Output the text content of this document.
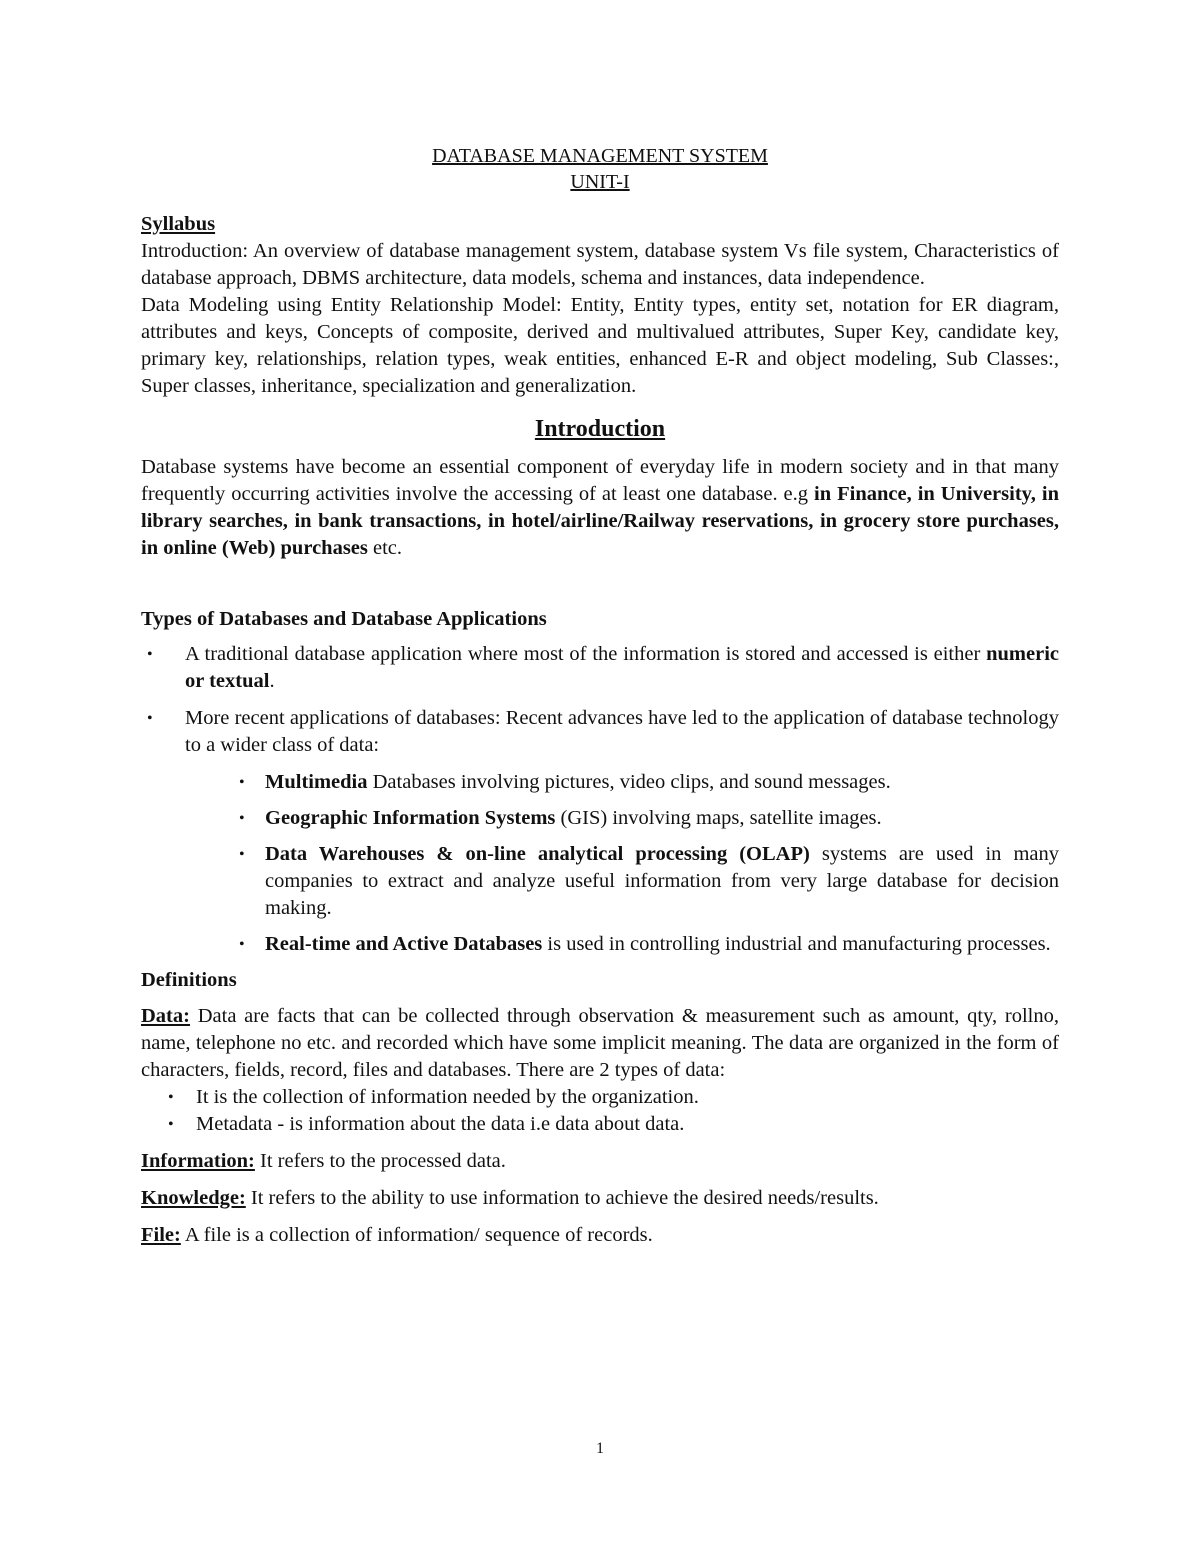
DATABASE MANAGEMENT SYSTEM
UNIT-I
Syllabus

Introduction: An overview of database management system, database system Vs file system, Characteristics of database approach, DBMS architecture, data models, schema and instances, data independence.

Data Modeling using Entity Relationship Model: Entity, Entity types, entity set, notation for ER diagram, attributes and keys, Concepts of composite, derived and multivalued attributes, Super Key, candidate key, primary key, relationships, relation types, weak entities, enhanced E-R and object modeling, Sub Classes:, Super classes, inheritance, specialization and generalization.

Introduction

Database systems have become an essential component of everyday life in modern society and in that many frequently occurring activities involve the accessing of at least one database. e.g in Finance, in University, in library searches, in bank transactions, in hotel/airline/Railway reservations, in grocery store purchases, in online (Web) purchases etc.

Types of Databases and Database Applications
• A traditional database application where most of the information is stored and accessed is either numeric or textual.
• More recent applications of databases: Recent advances have led to the application of database technology to a wider class of data:
• Multimedia Databases involving pictures, video clips, and sound messages.
• Geographic Information Systems (GIS) involving maps, satellite images.
• Data Warehouses & on-line analytical processing (OLAP) systems are used in many companies to extract and analyze useful information from very large database for decision making.
• Real-time and Active Databases is used in controlling industrial and manufacturing processes.
Definitions

Data: Data are facts that can be collected through observation & measurement such as amount, qty, rollno, name, telephone no etc. and recorded which have some implicit meaning. The data are organized in the form of characters, fields, record, files and databases. There are 2 types of data:

• It is the collection of information needed by the organization.
• Metadata - is information about the data i.e data about data.

Information: It refers to the processed data.

Knowledge: It refers to the ability to use information to achieve the desired needs/results.

File: A file is a collection of information/ sequence of records.

1
